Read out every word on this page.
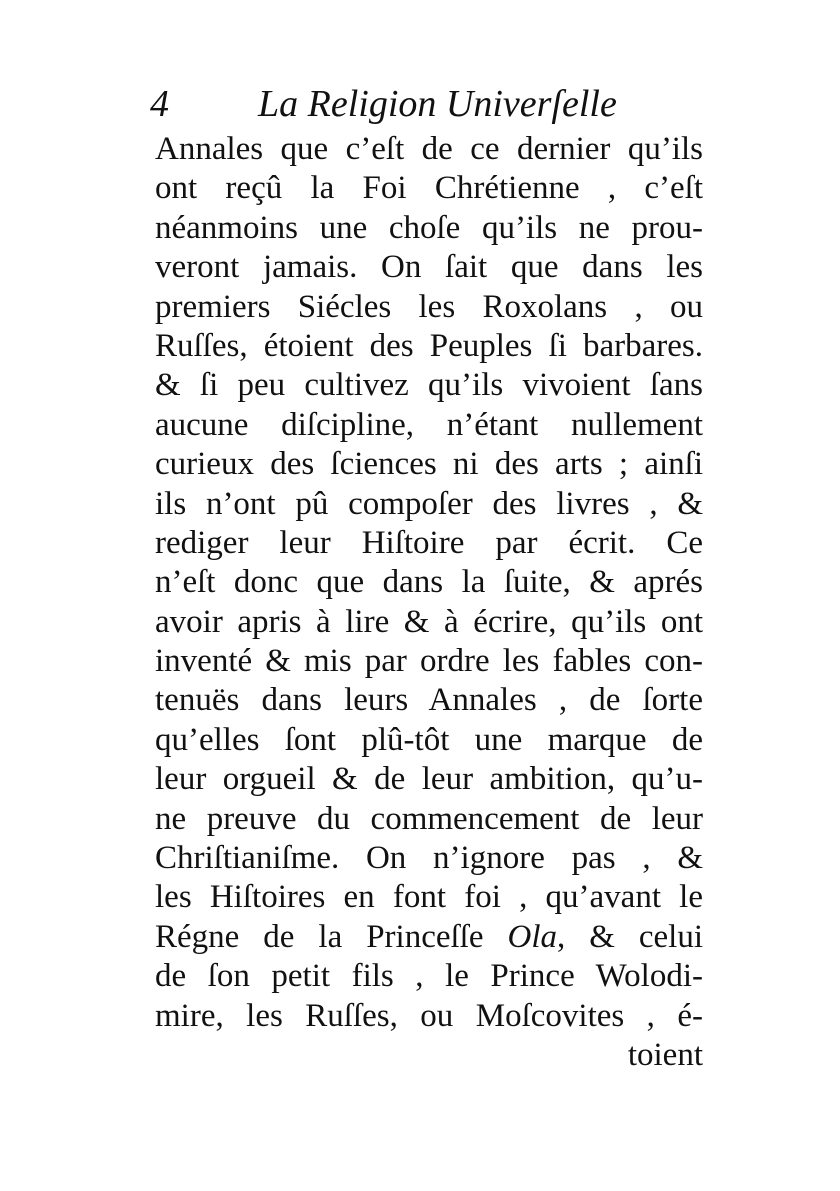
4 La Religion Univerſelle
Annales que c’eſt de ce dernier qu’ils
ont reçû la Foi Chrétienne , c’eſt
néanmoins une choſe qu’ils ne prou-
veront jamais. On ſait que dans les
premiers Siécles les Roxolans , ou
Ruſſes, étoient des Peuples ſi barbares.
& ſi peu cultivez qu’ils vivoient ſans
aucune diſcipline, n’étant nullement
curieux des ſciences ni des arts ; ainſi
ils n’ont pû compoſer des livres , &
rediger leur Hiſtoire par écrit. Ce
n’eſt donc que dans la ſuite, & aprés
avoir apris à lire & à écrire, qu’ils ont
inventé & mis par ordre les fables con-
tenuës dans leurs Annales , de ſorte
qu’elles ſont plû-tôt une marque de
leur orgueil & de leur ambition, qu’u-
ne preuve du commencement de leur
Chriſtianiſme. On n’ignore pas , &
les Hiſtoires en font foi , qu’avant le
Régne de la Princeſſe Ola, & celui
de ſon petit fils , le Prince Wolodi-
mire, les Ruſſes, ou Moſcovites , é-
toient
